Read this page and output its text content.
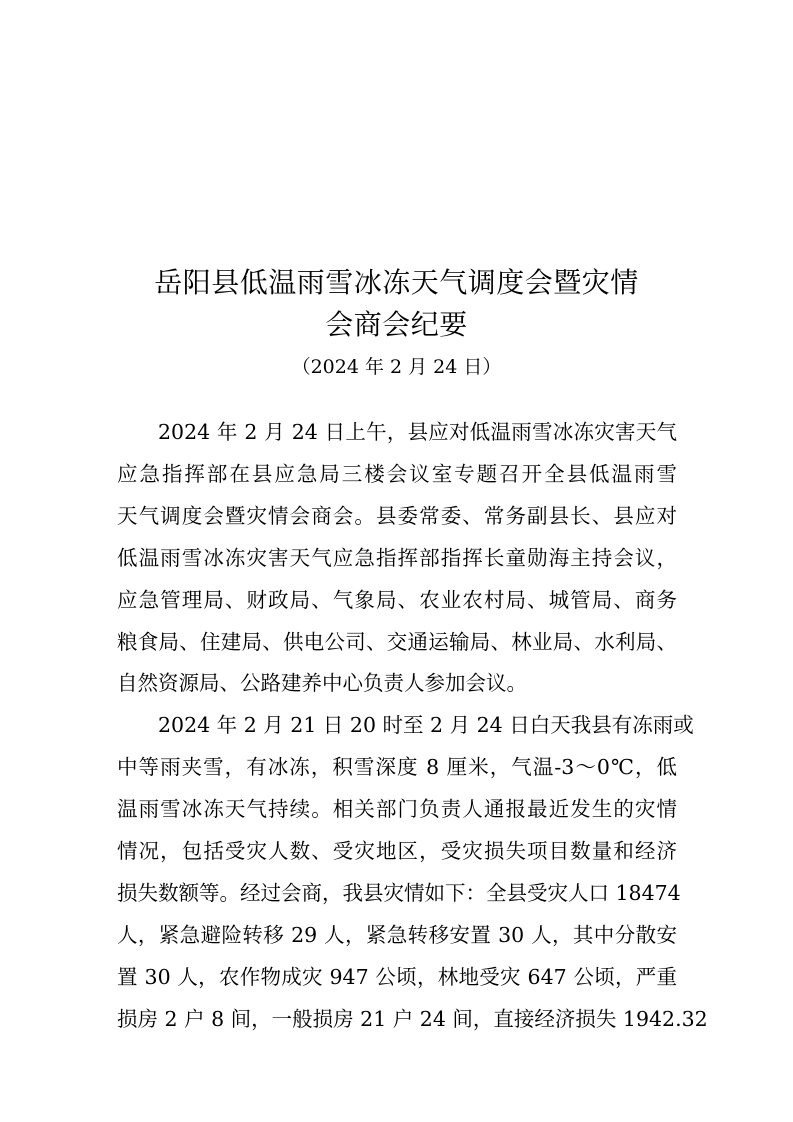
岳阳县低温雨雪冰冻天气调度会暨灾情
会商会纪要
（2024 年 2 月 24 日）
2024 年 2 月 24 日上午，县应对低温雨雪冰冻灾害天气
应急指挥部在县应急局三楼会议室专题召开全县低温雨雪
天气调度会暨灾情会商会。县委常委、常务副县长、县应对
低温雨雪冰冻灾害天气应急指挥部指挥长童勋海主持会议，
应急管理局、财政局、气象局、农业农村局、城管局、商务
粮食局、住建局、供电公司、交通运输局、林业局、水利局、
自然资源局、公路建养中心负责人参加会议。
2024 年 2 月 21 日 20 时至 2 月 24 日白天我县有冻雨或
中等雨夹雪，有冰冻，积雪深度 8 厘米，气温-3～0℃，低
温雨雪冰冻天气持续。相关部门负责人通报最近发生的灾情
情况，包括受灾人数、受灾地区，受灾损失项目数量和经济
损失数额等。经过会商，我县灾情如下：全县受灾人口 18474
人，紧急避险转移 29 人，紧急转移安置 30 人，其中分散安
置 30 人，农作物成灾 947 公顷，林地受灾 647 公顷，严重
损房 2 户 8 间，一般损房 21 户 24 间，直接经济损失 1942.32
